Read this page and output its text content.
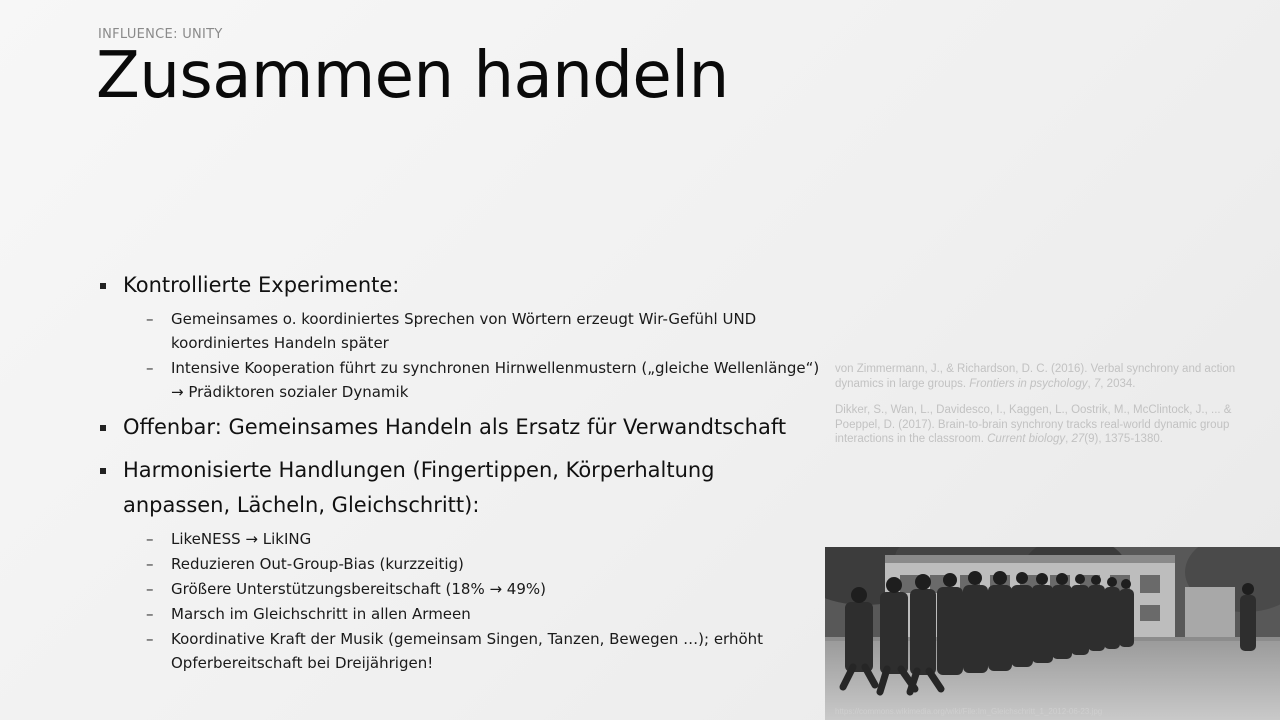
INFLUENCE: UNITY
Zusammen handeln
Kontrollierte Experimente:
– Gemeinsames o. koordiniertes Sprechen von Wörtern erzeugt Wir-Gefühl UND koordiniertes Handeln später
– Intensive Kooperation führt zu synchronen Hirnwellenmustern („gleiche Wellenlänge“) → Prädiktoren sozialer Dynamik
Offenbar: Gemeinsames Handeln als Ersatz für Verwandtschaft
Harmonisierte Handlungen (Fingertippen, Körperhaltung anpassen, Lächeln, Gleichschritt):
– LikeNESS → LikING
– Reduzieren Out-Group-Bias (kurzzeitig)
– Größere Unterstützungsbereitschaft (18% → 49%)
– Marsch im Gleichschritt in allen Armeen
– Koordinative Kraft der Musik (gemeinsam Singen, Tanzen, Bewegen …); erhöht Opferbereitschaft bei Dreijährigen!
von Zimmermann, J., & Richardson, D. C. (2016). Verbal synchrony and action dynamics in large groups. Frontiers in psychology, 7, 2034.
Dikker, S., Wan, L., Davidesco, I., Kaggen, L., Oostrik, M., McClintock, J., ... & Poeppel, D. (2017). Brain-to-brain synchrony tracks real-world dynamic group interactions in the classroom. Current biology, 27(9), 1375-1380.
https://commons.wikimedia.org/wiki/File:Im_Gleichschritt_1_2012-06-23.jpg
